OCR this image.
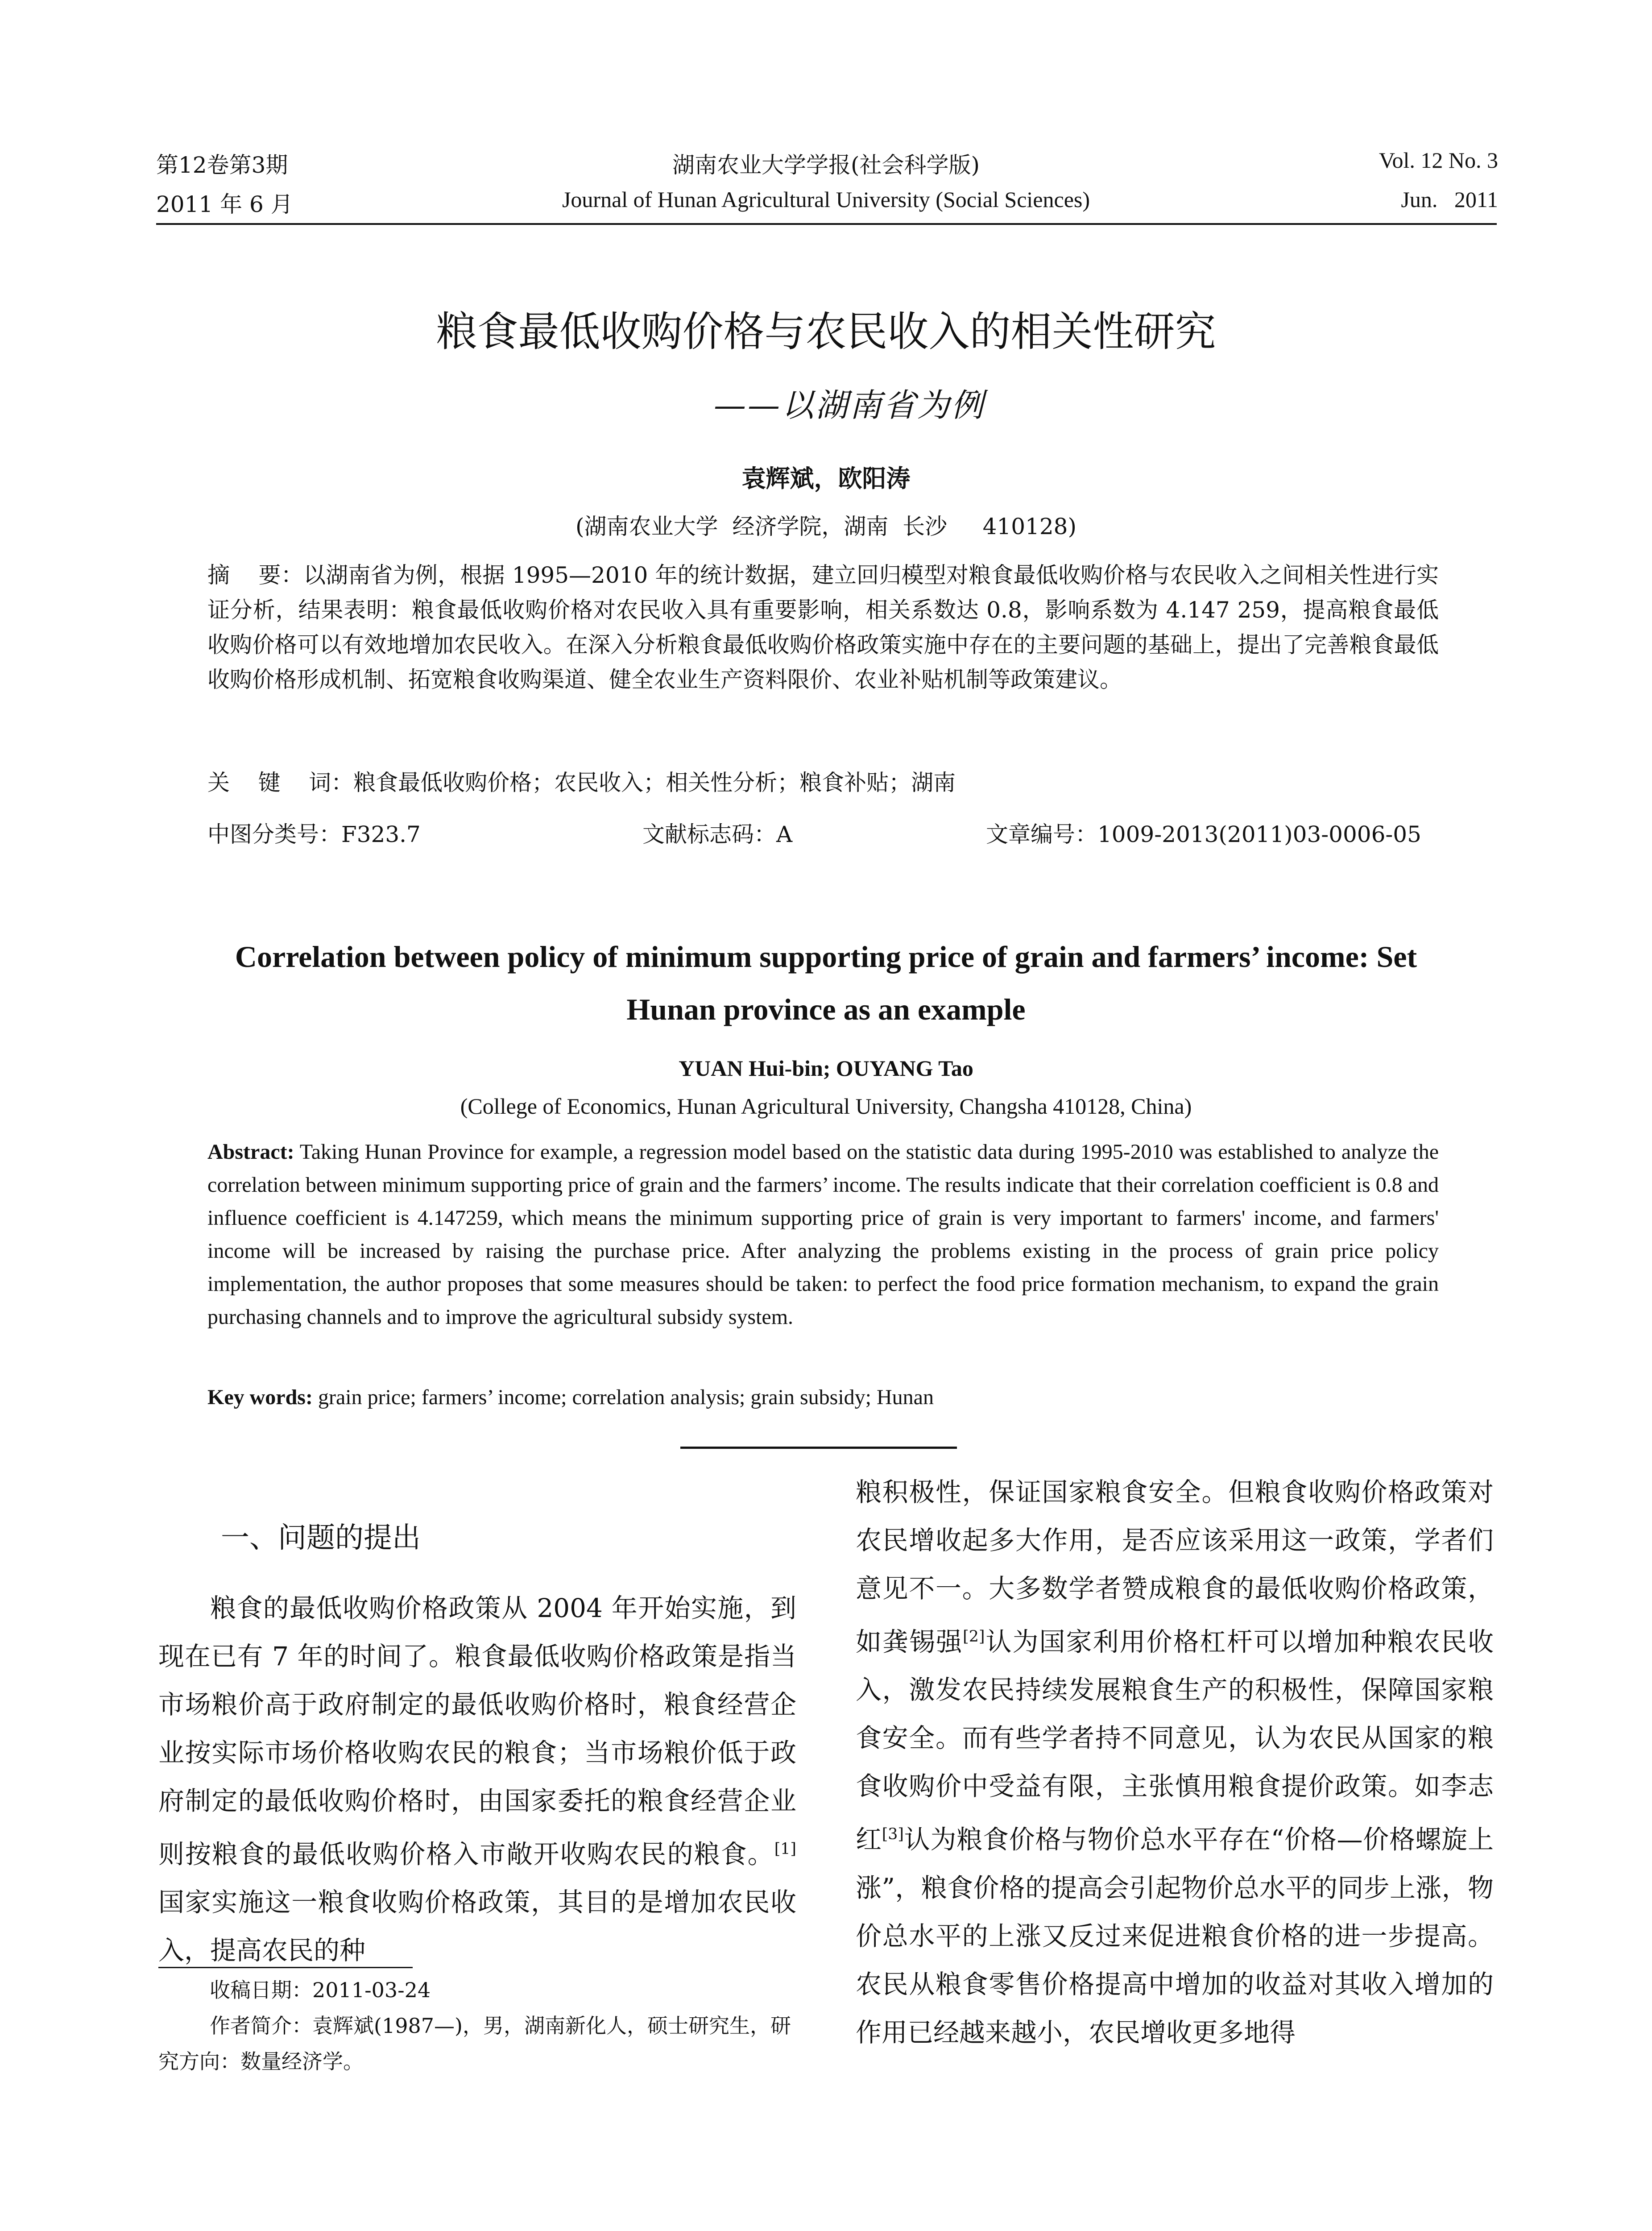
第12卷第3期
2011 年 6 月
湖南农业大学学报(社会科学版)
Journal of Hunan Agricultural University (Social Sciences)
Vol. 12 No. 3
Jun.   2011
粮食最低收购价格与农民收入的相关性研究
——以湖南省为例
袁辉斌，欧阳涛
(湖南农业大学  经济学院，湖南  长沙     410128)
摘    要：以湖南省为例，根据 1995—2010 年的统计数据，建立回归模型对粮食最低收购价格与农民收入之间相关性进行实证分析，结果表明：粮食最低收购价格对农民收入具有重要影响，相关系数达 0.8，影响系数为 4.147 259，提高粮食最低收购价格可以有效地增加农民收入。在深入分析粮食最低收购价格政策实施中存在的主要问题的基础上，提出了完善粮食最低收购价格形成机制、拓宽粮食收购渠道、健全农业生产资料限价、农业补贴机制等政策建议。
关    键    词：粮食最低收购价格；农民收入；相关性分析；粮食补贴；湖南
中图分类号：F323.7	文献标志码：A	文章编号：1009-2013(2011)03-0006-05
Correlation between policy of minimum supporting price of grain and farmers’ income: Set
Hunan province as an example
YUAN Hui-bin; OUYANG Tao
(College of Economics, Hunan Agricultural University, Changsha 410128, China)
Abstract: Taking Hunan Province for example, a regression model based on the statistic data during 1995-2010 was established to analyze the correlation between minimum supporting price of grain and the farmers’ income. The results indicate that their correlation coefficient is 0.8 and influence coefficient is 4.147259, which means the minimum supporting price of grain is very important to farmers' income, and farmers' income will be increased by raising the purchase price. After analyzing the problems existing in the process of grain price policy implementation, the author proposes that some measures should be taken: to perfect the food price formation mechanism, to expand the grain purchasing channels and to improve the agricultural subsidy system.
Key words: grain price; farmers’ income; correlation analysis; grain subsidy; Hunan
一、问题的提出

粮食的最低收购价格政策从 2004 年开始实施，到现在已有 7 年的时间了。粮食最低收购价格政策是指当市场粮价高于政府制定的最低收购价格时，粮食经营企业按实际市场价格收购农民的粮食；当市场粮价低于政府制定的最低收购价格时，由国家委托的粮食经营企业则按粮食的最低收购价格入市敞开收购农民的粮食。[1]国家实施这一粮食收购价格政策，其目的是增加农民收入，提高农民的种

收稿日期：2011-03-24
作者简介：袁辉斌(1987—)，男，湖南新化人，硕士研究生，研究方向：数量经济学。

粮积极性，保证国家粮食安全。但粮食收购价格政策对农民增收起多大作用，是否应该采用这一政策，学者们意见不一。大多数学者赞成粮食的最低收购价格政策，如龚锡强[2]认为国家利用价格杠杆可以增加种粮农民收入，激发农民持续发展粮食生产的积极性，保障国家粮食安全。而有些学者持不同意见，认为农民从国家的粮食收购价中受益有限，主张慎用粮食提价政策。如李志红[3]认为粮食价格与物价总水平存在“价格—价格螺旋上涨”，粮食价格的提高会引起物价总水平的同步上涨，物价总水平的上涨又反过来促进粮食价格的进一步提高。农民从粮食零售价格提高中增加的收益对其收入增加的作用已经越来越小，农民增收更多地得
